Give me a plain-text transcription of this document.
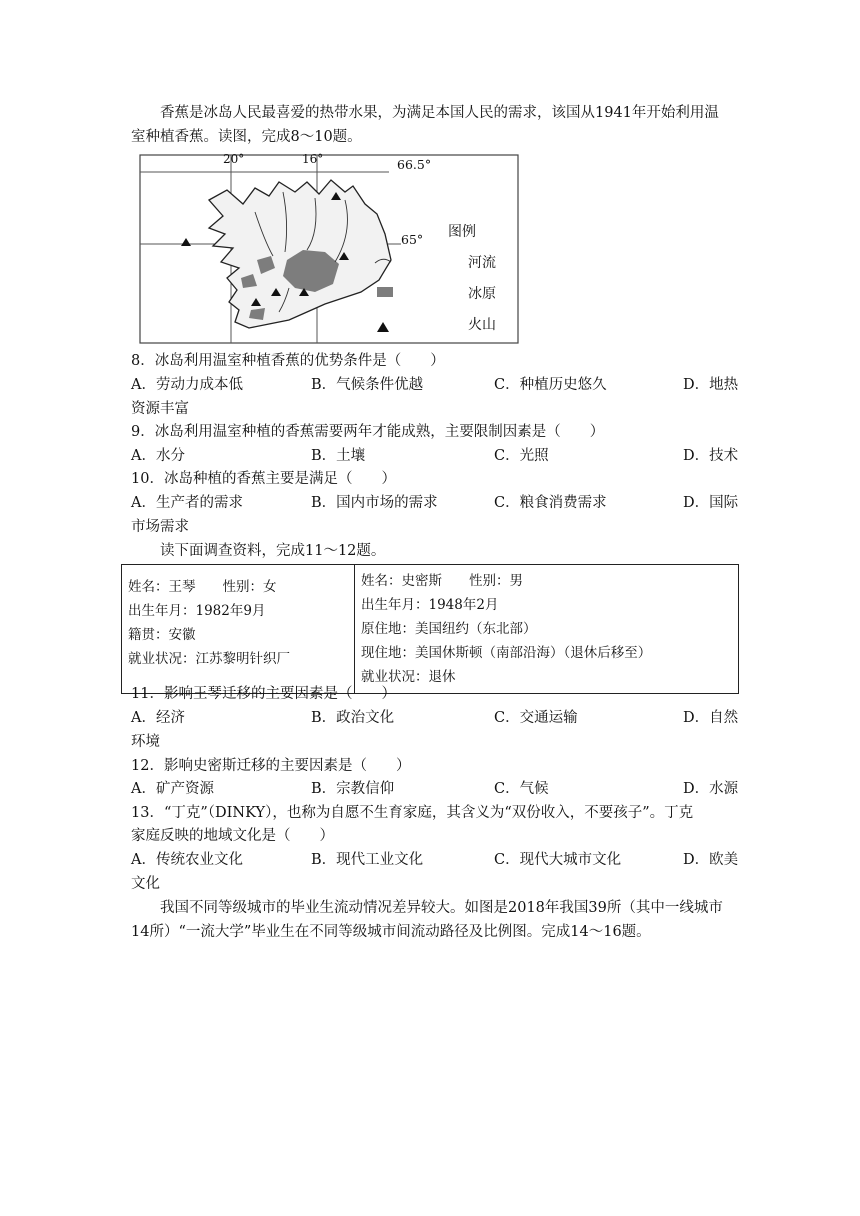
香蕉是冰岛人民最喜爱的热带水果，为满足本国人民的需求，该国从1941年开始利用温室种植香蕉。读图，完成8～10题。
20°	16°	66.5°
65° 图例
河流
冰原
火山
8．冰岛利用温室种植香蕉的优势条件是（　　）
A．劳动力成本低	B．气候条件优越	C．种植历史悠久	D．地热
资源丰富
9．冰岛利用温室种植的香蕉需要两年才能成熟，主要限制因素是（　　）
A．水分	B．土壤	C．光照	D．技术
10．冰岛种植的香蕉主要是满足（　　）
A．生产者的需求	B．国内市场的需求	C．粮食消费需求	D．国际
市场需求
读下面调查资料，完成11～12题。
姓名：王琴　　性别：女
出生年月：1982年9月
籍贯：安徽
就业状况：江苏黎明针织厂

姓名：史密斯　　性别：男
出生年月：1948年2月
原住地：美国纽约（东北部）
现住地：美国休斯顿（南部沿海）（退休后移至）
就业状况：退休
11．影响王琴迁移的主要因素是（　　）
A．经济	B．政治文化	C．交通运输	D．自然
环境
12．影响史密斯迁移的主要因素是（　　）
A．矿产资源	B．宗教信仰	C．气候	D．水源
13．“丁克”（DINKY），也称为自愿不生育家庭，其含义为“双份收入，不要孩子”。丁克
家庭反映的地域文化是（　　）
A．传统农业文化	B．现代工业文化	C．现代大城市文化	D．欧美
文化
我国不同等级城市的毕业生流动情况差异较大。如图是2018年我国39所（其中一线城市14所）“一流大学”毕业生在不同等级城市间流动路径及比例图。完成14～16题。
